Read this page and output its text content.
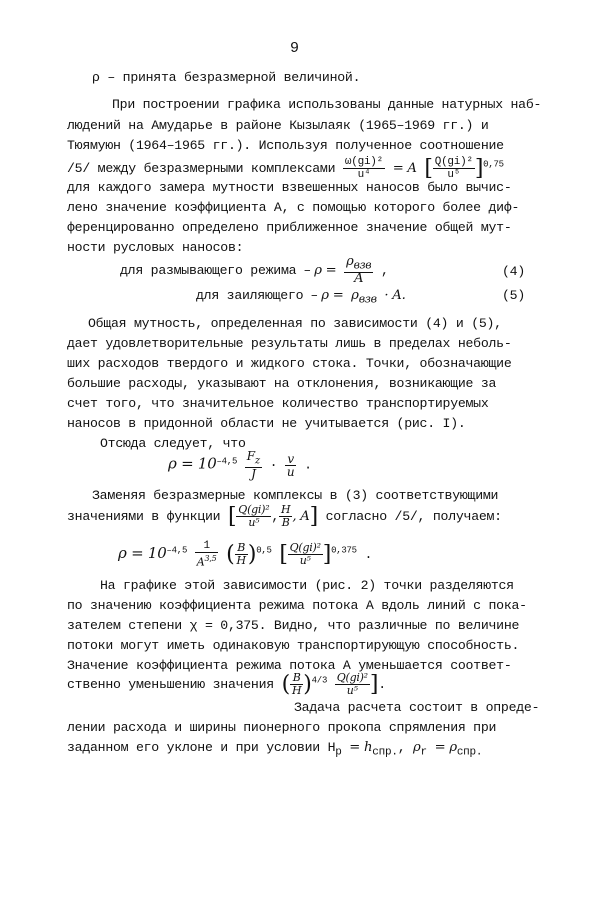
9
ρ – принята безразмерной величиной.
При построении графика использованы данные натурных наб-
людений на Амударье в районе Кызылаяк (1965–1969 гг.) и
Тюямуюн (1964–1965 гг.). Используя полученное соотношение
/5/ между безразмерными комплексами $\frac{\text{ω(gi)²}}{\text{u⁴}} = A$ [ $\frac{\text{Q(gi)²}}{\text{u⁵}} ]^{0,75}$
для каждого замера мутности взвешенных наносов было вычис-
лено значение коэффициента А, с помощью которого более диф-
ференцированно определено приближенное значение общей мут-
ности русловых наносов:
для размывающего режима – $\rho = \frac{\rho_{взв}}{A}$ ,	(4)
для заиляющего – $\rho = \rho_{взв} \cdot A$.	(5)
Общая мутность, определенная по зависимости (4) и (5),
дает удовлетворительные результаты лишь в пределах неболь-
ших расходов твердого и жидкого стока. Точки, обозначающие
большие расходы, указывают на отклонения, возникающие за
счет того, что значительное количество транспортируемых
наносов в придонной области не учитывается (рис. I).
Отсюда следует, что
$\rho = 10^{-4,5} \frac{F_z}{J} \cdot \frac{v}{u}$ .
Заменяя безразмерные комплексы в (3) соответствующими
значениями в функции [ $\frac{\text{Q(gi)²}}{\text{u⁵}}$ , $\frac{H}{B}$ , A] согласно /5/, получаем:
$\rho = 10^{-4,5} \frac{1}{A^{3,5}}$ ( $\frac{B}{H} )^{0,5}$ [ $\frac{\text{Q(gi)²}}{\text{u⁵}} ]^{0,375}$ .
На графике этой зависимости (рис. 2) точки разделяются
по значению коэффициента режима потока А вдоль линий с пока-
зателем степени χ = 0,375. Видно, что различные по величине
потоки могут иметь одинаковую транспортирующую способность.
Значение коэффициента режима потока А уменьшается соответ-
ственно уменьшению значения ( $\frac{B}{H} )^{4/3} \frac{\text{Q(gi)²}}{\text{u⁵}}$ ].
Задача расчета состоит в опреде-
лении расхода и ширины пионерного прокопа спрямления при
заданном его уклоне и при условии $H_p = h_{спр.}$, $\rho_r = \rho_{спр.}$
